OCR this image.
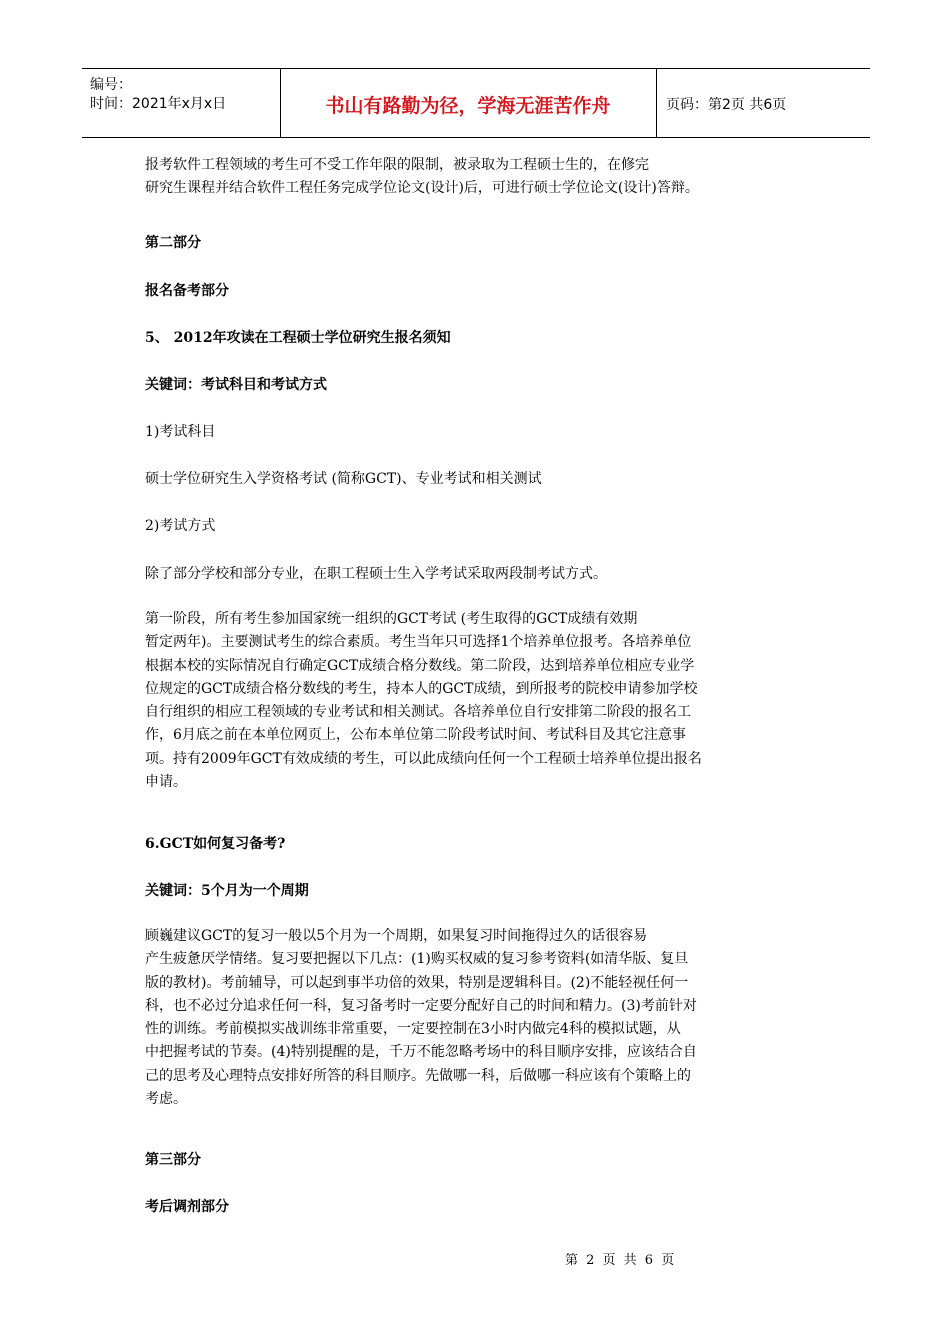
编号：
时间：2021年x月x日	书山有路勤为径，学海无涯苦作舟	页码：第2页 共6页
报考软件工程领域的考生可不受工作年限的限制，被录取为工程硕士生的，在修完
研究生课程并结合软件工程任务完成学位论文(设计)后，可进行硕士学位论文(设计)答辩。
第二部分
报名备考部分
5、 2012年攻读在工程硕士学位研究生报名须知
关键词：考试科目和考试方式
1)考试科目
硕士学位研究生入学资格考试 (简称GCT)、专业考试和相关测试
2)考试方式
除了部分学校和部分专业，在职工程硕士生入学考试采取两段制考试方式。
第一阶段，所有考生参加国家统一组织的GCT考试 (考生取得的GCT成绩有效期
暂定两年)。主要测试考生的综合素质。考生当年只可选择1个培养单位报考。各培养单位
根据本校的实际情况自行确定GCT成绩合格分数线。第二阶段，达到培养单位相应专业学
位规定的GCT成绩合格分数线的考生，持本人的GCT成绩，到所报考的院校申请参加学校
自行组织的相应工程领域的专业考试和相关测试。各培养单位自行安排第二阶段的报名工
作，6月底之前在本单位网页上，公布本单位第二阶段考试时间、考试科目及其它注意事
项。持有2009年GCT有效成绩的考生，可以此成绩向任何一个工程硕士培养单位提出报名
申请。
6.GCT如何复习备考?
关键词：5个月为一个周期
顾巍建议GCT的复习一般以5个月为一个周期，如果复习时间拖得过久的话很容易
产生疲惫厌学情绪。复习要把握以下几点：(1)购买权威的复习参考资料(如清华版、复旦
版的教材)。考前辅导，可以起到事半功倍的效果，特别是逻辑科目。(2)不能轻视任何一
科，也不必过分追求任何一科，复习备考时一定要分配好自己的时间和精力。(3)考前针对
性的训练。考前模拟实战训练非常重要，一定要控制在3小时内做完4科的模拟试题，从
中把握考试的节奏。(4)特别提醒的是，千万不能忽略考场中的科目顺序安排，应该结合自
己的思考及心理特点安排好所答的科目顺序。先做哪一科，后做哪一科应该有个策略上的
考虑。
第三部分
考后调剂部分
第 2 页 共 6 页
